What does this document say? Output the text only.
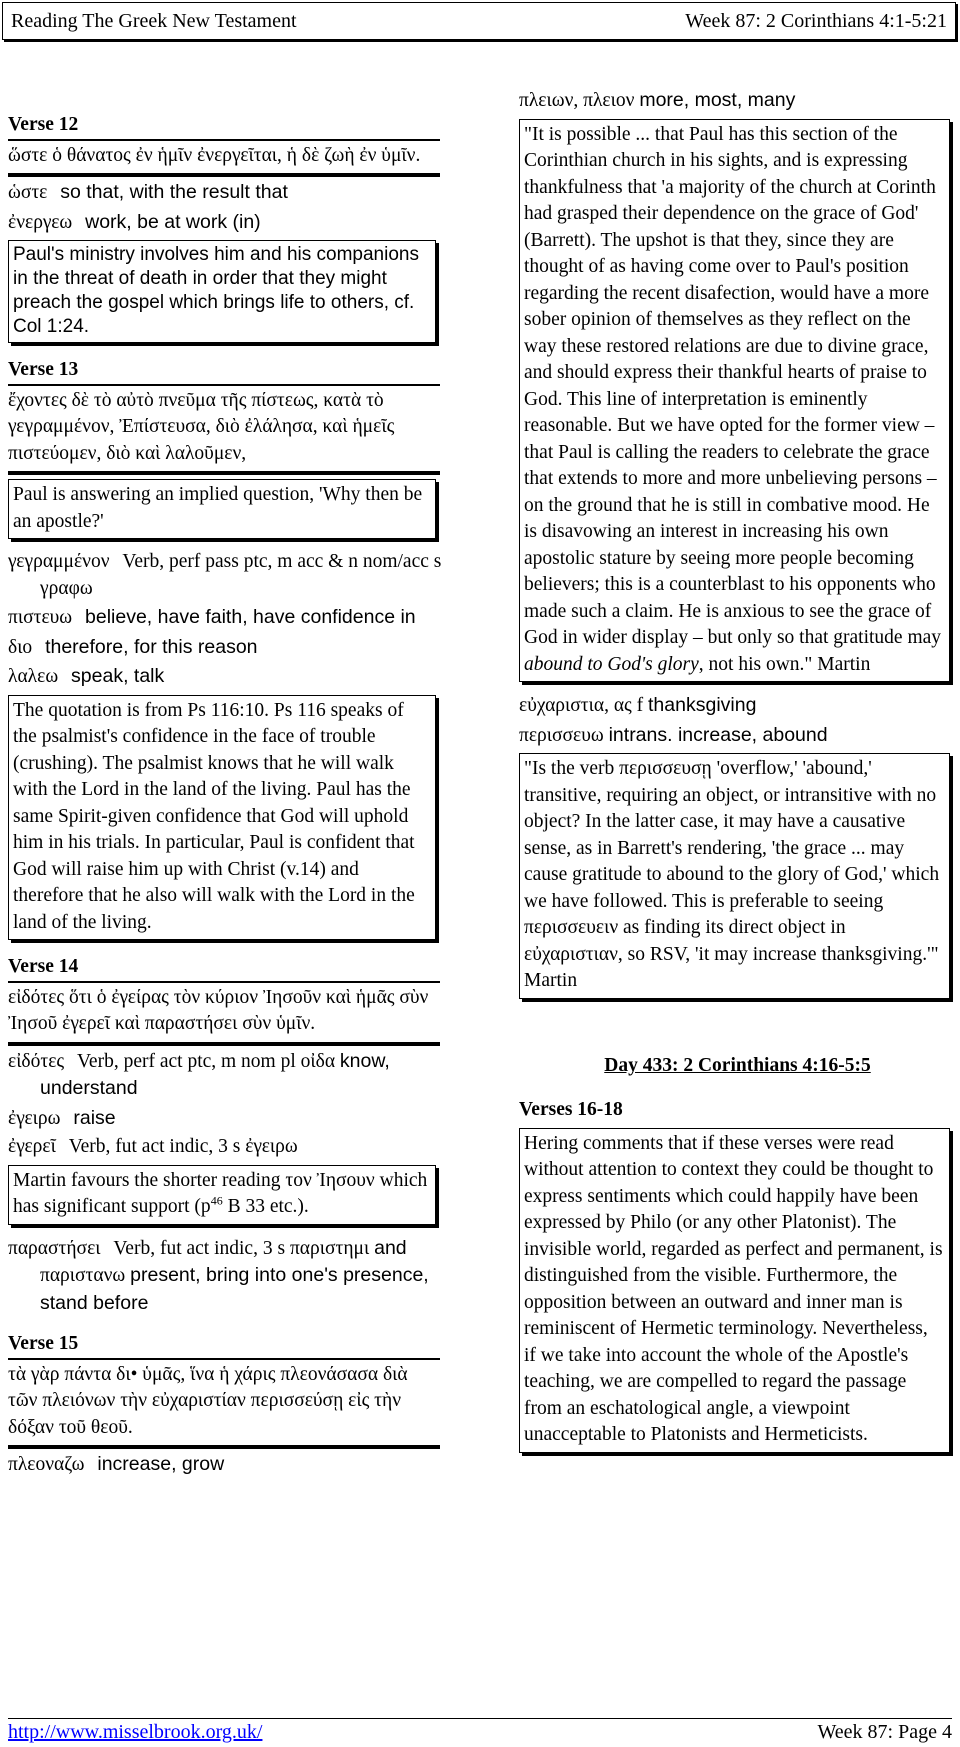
Reading The Greek New Testament	Week 87: 2 Corinthians 4:1-5:21
Verse 12
ὥστε ὁ θάνατος ἐν ἡμῖν ἐνεργεῖται, ἡ δὲ ζωὴ ἐν ὑμῖν.
ὡστε so that, with the result that
ἐνεργεω work, be at work (in)
Paul's ministry involves him and his companions in the threat of death in order that they might preach the gospel which brings life to others, cf. Col 1:24.
Verse 13
ἔχοντες δὲ τὸ αὐτὸ πνεῦμα τῆς πίστεως, κατὰ τὸ γεγραμμένον, Ἐπίστευσα, διὸ ἐλάλησα, καὶ ἡμεῖς πιστεύομεν, διὸ καὶ λαλοῦμεν,
Paul is answering an implied question, 'Why then be an apostle?'
γεγραμμένον Verb, perf pass ptc, m acc & n nom/acc s γραφω
πιστευω believe, have faith, have confidence in
διο therefore, for this reason
λαλεω speak, talk
The quotation is from Ps 116:10. Ps 116 speaks of the psalmist's confidence in the face of trouble (crushing). The psalmist knows that he will walk with the Lord in the land of the living. Paul has the same Spirit-given confidence that God will uphold him in his trials. In particular, Paul is confident that God will raise him up with Christ (v.14) and therefore that he also will walk with the Lord in the land of the living.
Verse 14
εἰδότες ὅτι ὁ ἐγείρας τὸν κύριον Ἰησοῦν καὶ ἡμᾶς σὺν Ἰησοῦ ἐγερεῖ καὶ παραστήσει σὺν ὑμῖν.
εἰδότες Verb, perf act ptc, m nom pl οἰδα know, understand
ἐγειρω raise
ἐγερεῖ Verb, fut act indic, 3 s ἐγειρω
Martin favours the shorter reading τον Ἰησουν which has significant support ($p^{46}$ B 33 etc.).
παραστήσει Verb, fut act indic, 3 s παριστημι and παριστανω present, bring into one's presence, stand before
Verse 15
τὰ γὰρ πάντα δι• ὑμᾶς, ἵνα ἡ χάρις πλεονάσασα διὰ τῶν πλειόνων τὴν εὐχαριστίαν περισσεύσῃ εἰς τὴν δόξαν τοῦ θεοῦ.
πλεοναζω increase, grow
πλειων, πλειον more, most, many
"It is possible ... that Paul has this section of the Corinthian church in his sights, and is expressing thankfulness that 'a majority of the church at Corinth had grasped their dependence on the grace of God' (Barrett). The upshot is that they, since they are thought of as having come over to Paul's position regarding the recent disafection, would have a more sober opinion of themselves as they reflect on the way these restored relations are due to divine grace, and should express their thankful hearts of praise to God. This line of interpretation is eminently reasonable. But we have opted for the former view – that Paul is calling the readers to celebrate the grace that extends to more and more unbelieving persons – on the ground that he is still in combative mood. He is disavowing an interest in increasing his own apostolic stature by seeing more people becoming believers; this is a counterblast to his opponents who made such a claim. He is anxious to see the grace of God in wider display – but only so that gratitude may abound to God's glory, not his own." Martin
εὐχαριστια, ας f thanksgiving
περισσευω intrans. increase, abound
"Is the verb περισσευσῃ 'overflow,' 'abound,' transitive, requiring an object, or intransitive with no object? In the latter case, it may have a causative sense, as in Barrett's rendering, 'the grace ... may cause gratitude to abound to the glory of God,' which we have followed. This is preferable to seeing περισσευειν as finding its direct object in εὐχαριστιαν, so RSV, 'it may increase thanksgiving.'" Martin
Day 433: 2 Corinthians 4:16-5:5
Verses 16-18
Hering comments that if these verses were read without attention to context they could be thought to express sentiments which could happily have been expressed by Philo (or any other Platonist). The invisible world, regarded as perfect and permanent, is distinguished from the visible. Furthermore, the opposition between an outward and inner man is reminiscent of Hermetic terminology. Nevertheless, if we take into account the whole of the Apostle's teaching, we are compelled to regard the passage from an eschatological angle, a viewpoint unacceptable to Platonists and Hermeticists.
http://www.misselbrook.org.uk/	Week 87: Page 4
